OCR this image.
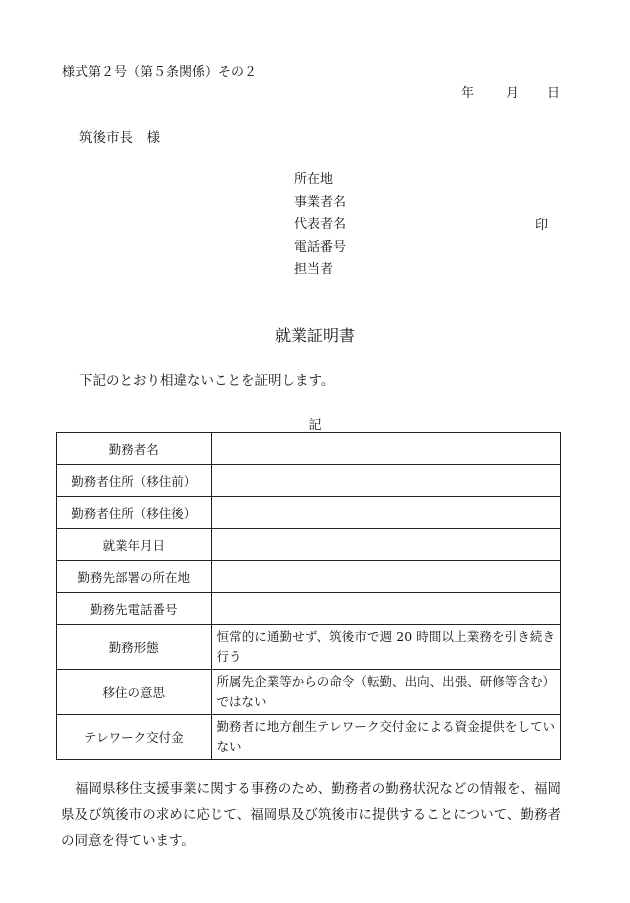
様式第２号（第５条関係）その２
年 月 日
筑後市長　様
所在地
事業者名
代表者名
電話番号
担当者
印
就業証明書
下記のとおり相違ないことを証明します。
記
勤務者名	
勤務者住所（移住前）	
勤務者住所（移住後）	
就業年月日	
勤務先部署の所在地	
勤務先電話番号	
勤務形態	恒常的に通勤せず、筑後市で週 20 時間以上業務を引き続き行う
移住の意思	所属先企業等からの命令（転勤、出向、出張、研修等含む）ではない
テレワーク交付金	勤務者に地方創生テレワーク交付金による資金提供をしていない
福岡県移住支援事業に関する事務のため、勤務者の勤務状況などの情報を、福岡県及び筑後市の求めに応じて、福岡県及び筑後市に提供することについて、勤務者の同意を得ています。
